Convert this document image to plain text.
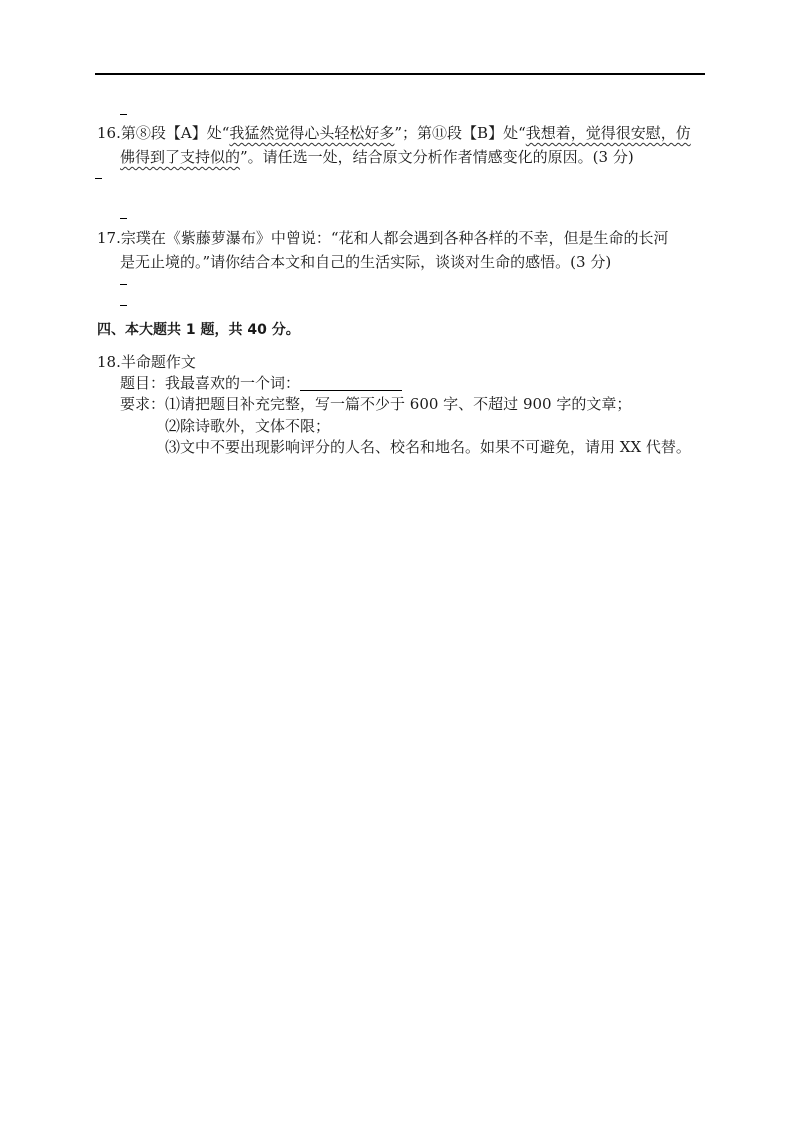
16.第⑧段【A】处“我猛然觉得心头轻松好多”；第⑪段【B】处“我想着，觉得很安慰，仿
佛得到了支持似的”。请任选一处，结合原文分析作者情感变化的原因。(3 分)
17.宗璞在《紫藤萝瀑布》中曾说：“花和人都会遇到各种各样的不幸，但是生命的长河
是无止境的。”请你结合本文和自己的生活实际，谈谈对生命的感悟。(3 分)
四、本大题共 1 题，共 40 分。
18.半命题作文
题目：我最喜欢的一个词：
要求：⑴请把题目补充完整，写一篇不少于 600 字、不超过 900 字的文章；
⑵除诗歌外，文体不限；
⑶文中不要出现影响评分的人名、校名和地名。如果不可避免，请用 XX 代替。
